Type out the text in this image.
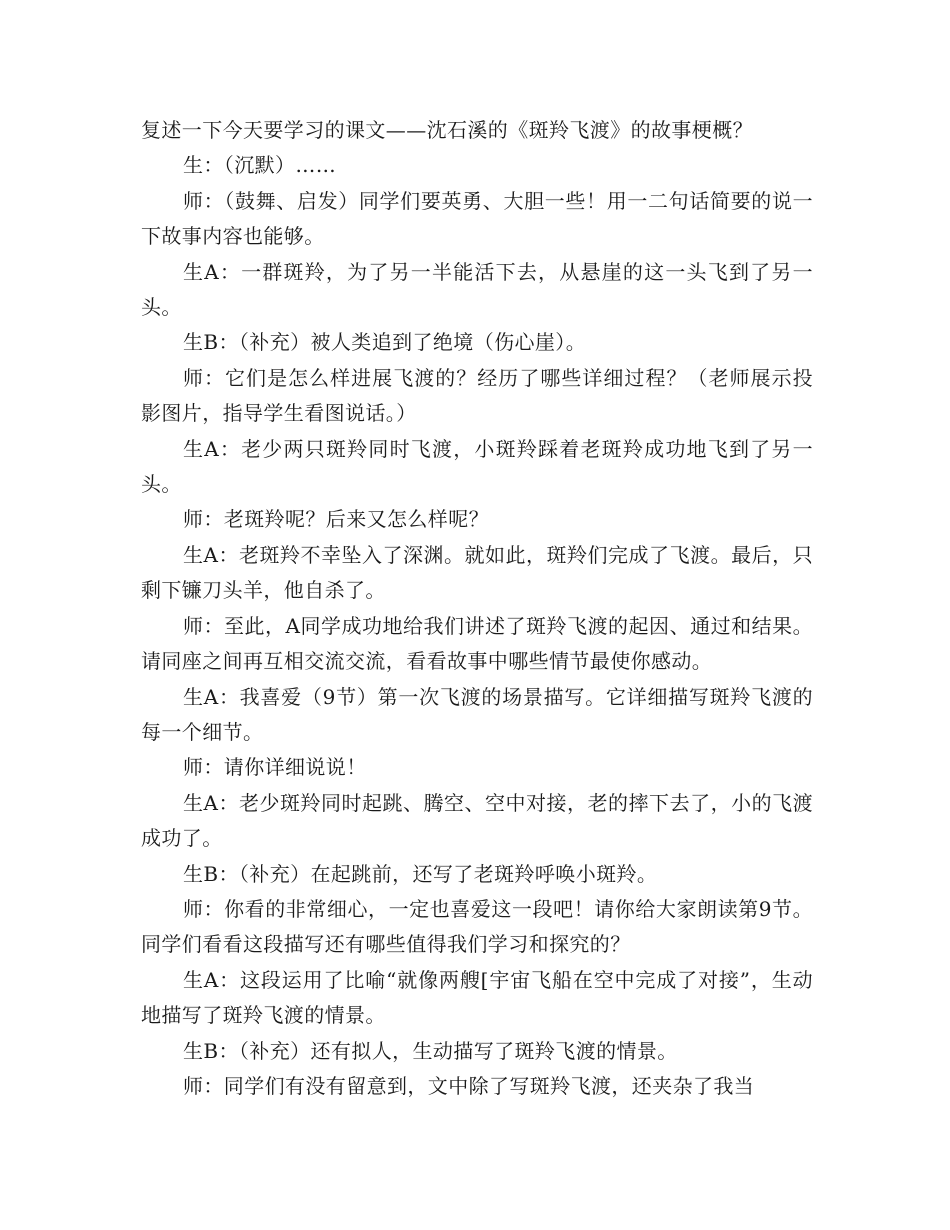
复述一下今天要学习的课文——沈石溪的《斑羚飞渡》的故事梗概？

生：（沉默）……

师：（鼓舞、启发）同学们要英勇、大胆一些！用一二句话简要的说一下故事内容也能够。

生A：一群斑羚，为了另一半能活下去，从悬崖的这一头飞到了另一头。

生B：（补充）被人类追到了绝境（伤心崖）。

师：它们是怎么样进展飞渡的？经历了哪些详细过程？（老师展示投影图片，指导学生看图说话。）

生A：老少两只斑羚同时飞渡，小斑羚踩着老斑羚成功地飞到了另一头。

师：老斑羚呢？后来又怎么样呢？

生A：老斑羚不幸坠入了深渊。就如此，斑羚们完成了飞渡。最后，只剩下镰刀头羊，他自杀了。

师：至此，A同学成功地给我们讲述了斑羚飞渡的起因、通过和结果。请同座之间再互相交流交流，看看故事中哪些情节最使你感动。

生A：我喜爱（9节）第一次飞渡的场景描写。它详细描写斑羚飞渡的每一个细节。

师：请你详细说说！

生A：老少斑羚同时起跳、腾空、空中对接，老的摔下去了，小的飞渡成功了。

生B：（补充）在起跳前，还写了老斑羚呼唤小斑羚。

师：你看的非常细心，一定也喜爱这一段吧！请你给大家朗读第9节。同学们看看这段描写还有哪些值得我们学习和探究的？

生A：这段运用了比喻“就像两艘[宇宙飞船在空中完成了对接”，生动地描写了斑羚飞渡的情景。

生B：（补充）还有拟人，生动描写了斑羚飞渡的情景。

师：同学们有没有留意到，文中除了写斑羚飞渡，还夹杂了我当
